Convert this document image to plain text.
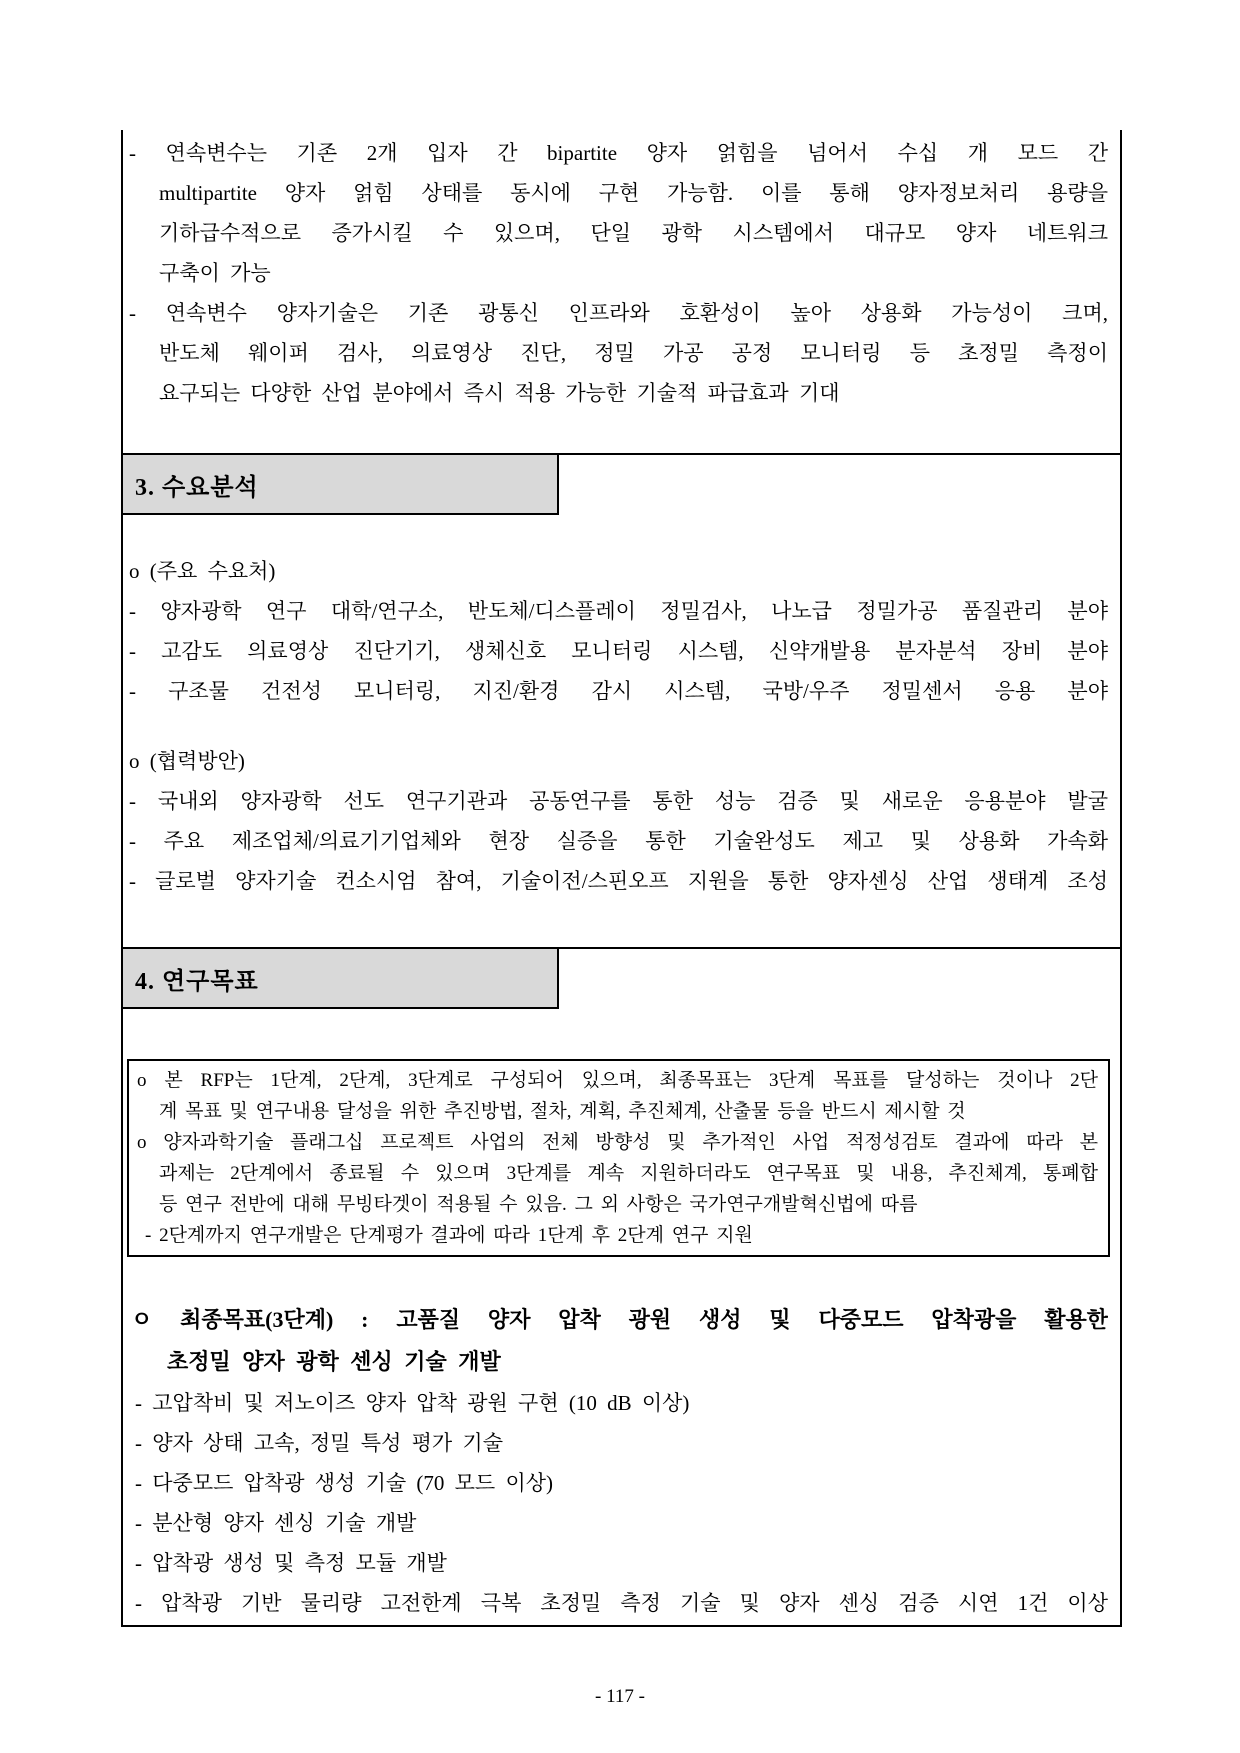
- 연속변수는 기존 2개 입자 간 bipartite 양자 얽힘을 넘어서 수십 개 모드 간
multipartite 양자 얽힘 상태를 동시에 구현 가능함. 이를 통해 양자정보처리 용량을
기하급수적으로 증가시킬 수 있으며, 단일 광학 시스템에서 대규모 양자 네트워크
구축이 가능
- 연속변수 양자기술은 기존 광통신 인프라와 호환성이 높아 상용화 가능성이 크며,
반도체 웨이퍼 검사, 의료영상 진단, 정밀 가공 공정 모니터링 등 초정밀 측정이
요구되는 다양한 산업 분야에서 즉시 적용 가능한 기술적 파급효과 기대
3. 수요분석
o (주요 수요처)
- 양자광학 연구 대학/연구소, 반도체/디스플레이 정밀검사, 나노급 정밀가공 품질관리 분야
- 고감도 의료영상 진단기기, 생체신호 모니터링 시스템, 신약개발용 분자분석 장비 분야
- 구조물 건전성 모니터링, 지진/환경 감시 시스템, 국방/우주 정밀센서 응용 분야
o (협력방안)
- 국내외 양자광학 선도 연구기관과 공동연구를 통한 성능 검증 및 새로운 응용분야 발굴
- 주요 제조업체/의료기기업체와 현장 실증을 통한 기술완성도 제고 및 상용화 가속화
- 글로벌 양자기술 컨소시엄 참여, 기술이전/스핀오프 지원을 통한 양자센싱 산업 생태계 조성
4. 연구목표
o 본 RFP는 1단계, 2단계, 3단계로 구성되어 있으며, 최종목표는 3단계 목표를 달성하는 것이나 2단
계 목표 및 연구내용 달성을 위한 추진방법, 절차, 계획, 추진체계, 산출물 등을 반드시 제시할 것
o 양자과학기술 플래그십 프로젝트 사업의 전체 방향성 및 추가적인 사업 적정성검토 결과에 따라 본
과제는 2단계에서 종료될 수 있으며 3단계를 계속 지원하더라도 연구목표 및 내용, 추진체계, 통폐합
등 연구 전반에 대해 무빙타겟이 적용될 수 있음. 그 외 사항은 국가연구개발혁신법에 따름
- 2단계까지 연구개발은 단계평가 결과에 따라 1단계 후 2단계 연구 지원
ㅇ 최종목표(3단계) : 고품질 양자 압착 광원 생성 및 다중모드 압착광을 활용한
초정밀 양자 광학 센싱 기술 개발
- 고압착비 및 저노이즈 양자 압착 광원 구현 (10 dB 이상)
- 양자 상태 고속, 정밀 특성 평가 기술
- 다중모드 압착광 생성 기술 (70 모드 이상)
- 분산형 양자 센싱 기술 개발
- 압착광 생성 및 측정 모듈 개발
- 압착광 기반 물리량 고전한계 극복 초정밀 측정 기술 및 양자 센싱 검증 시연 1건 이상
- 117 -
